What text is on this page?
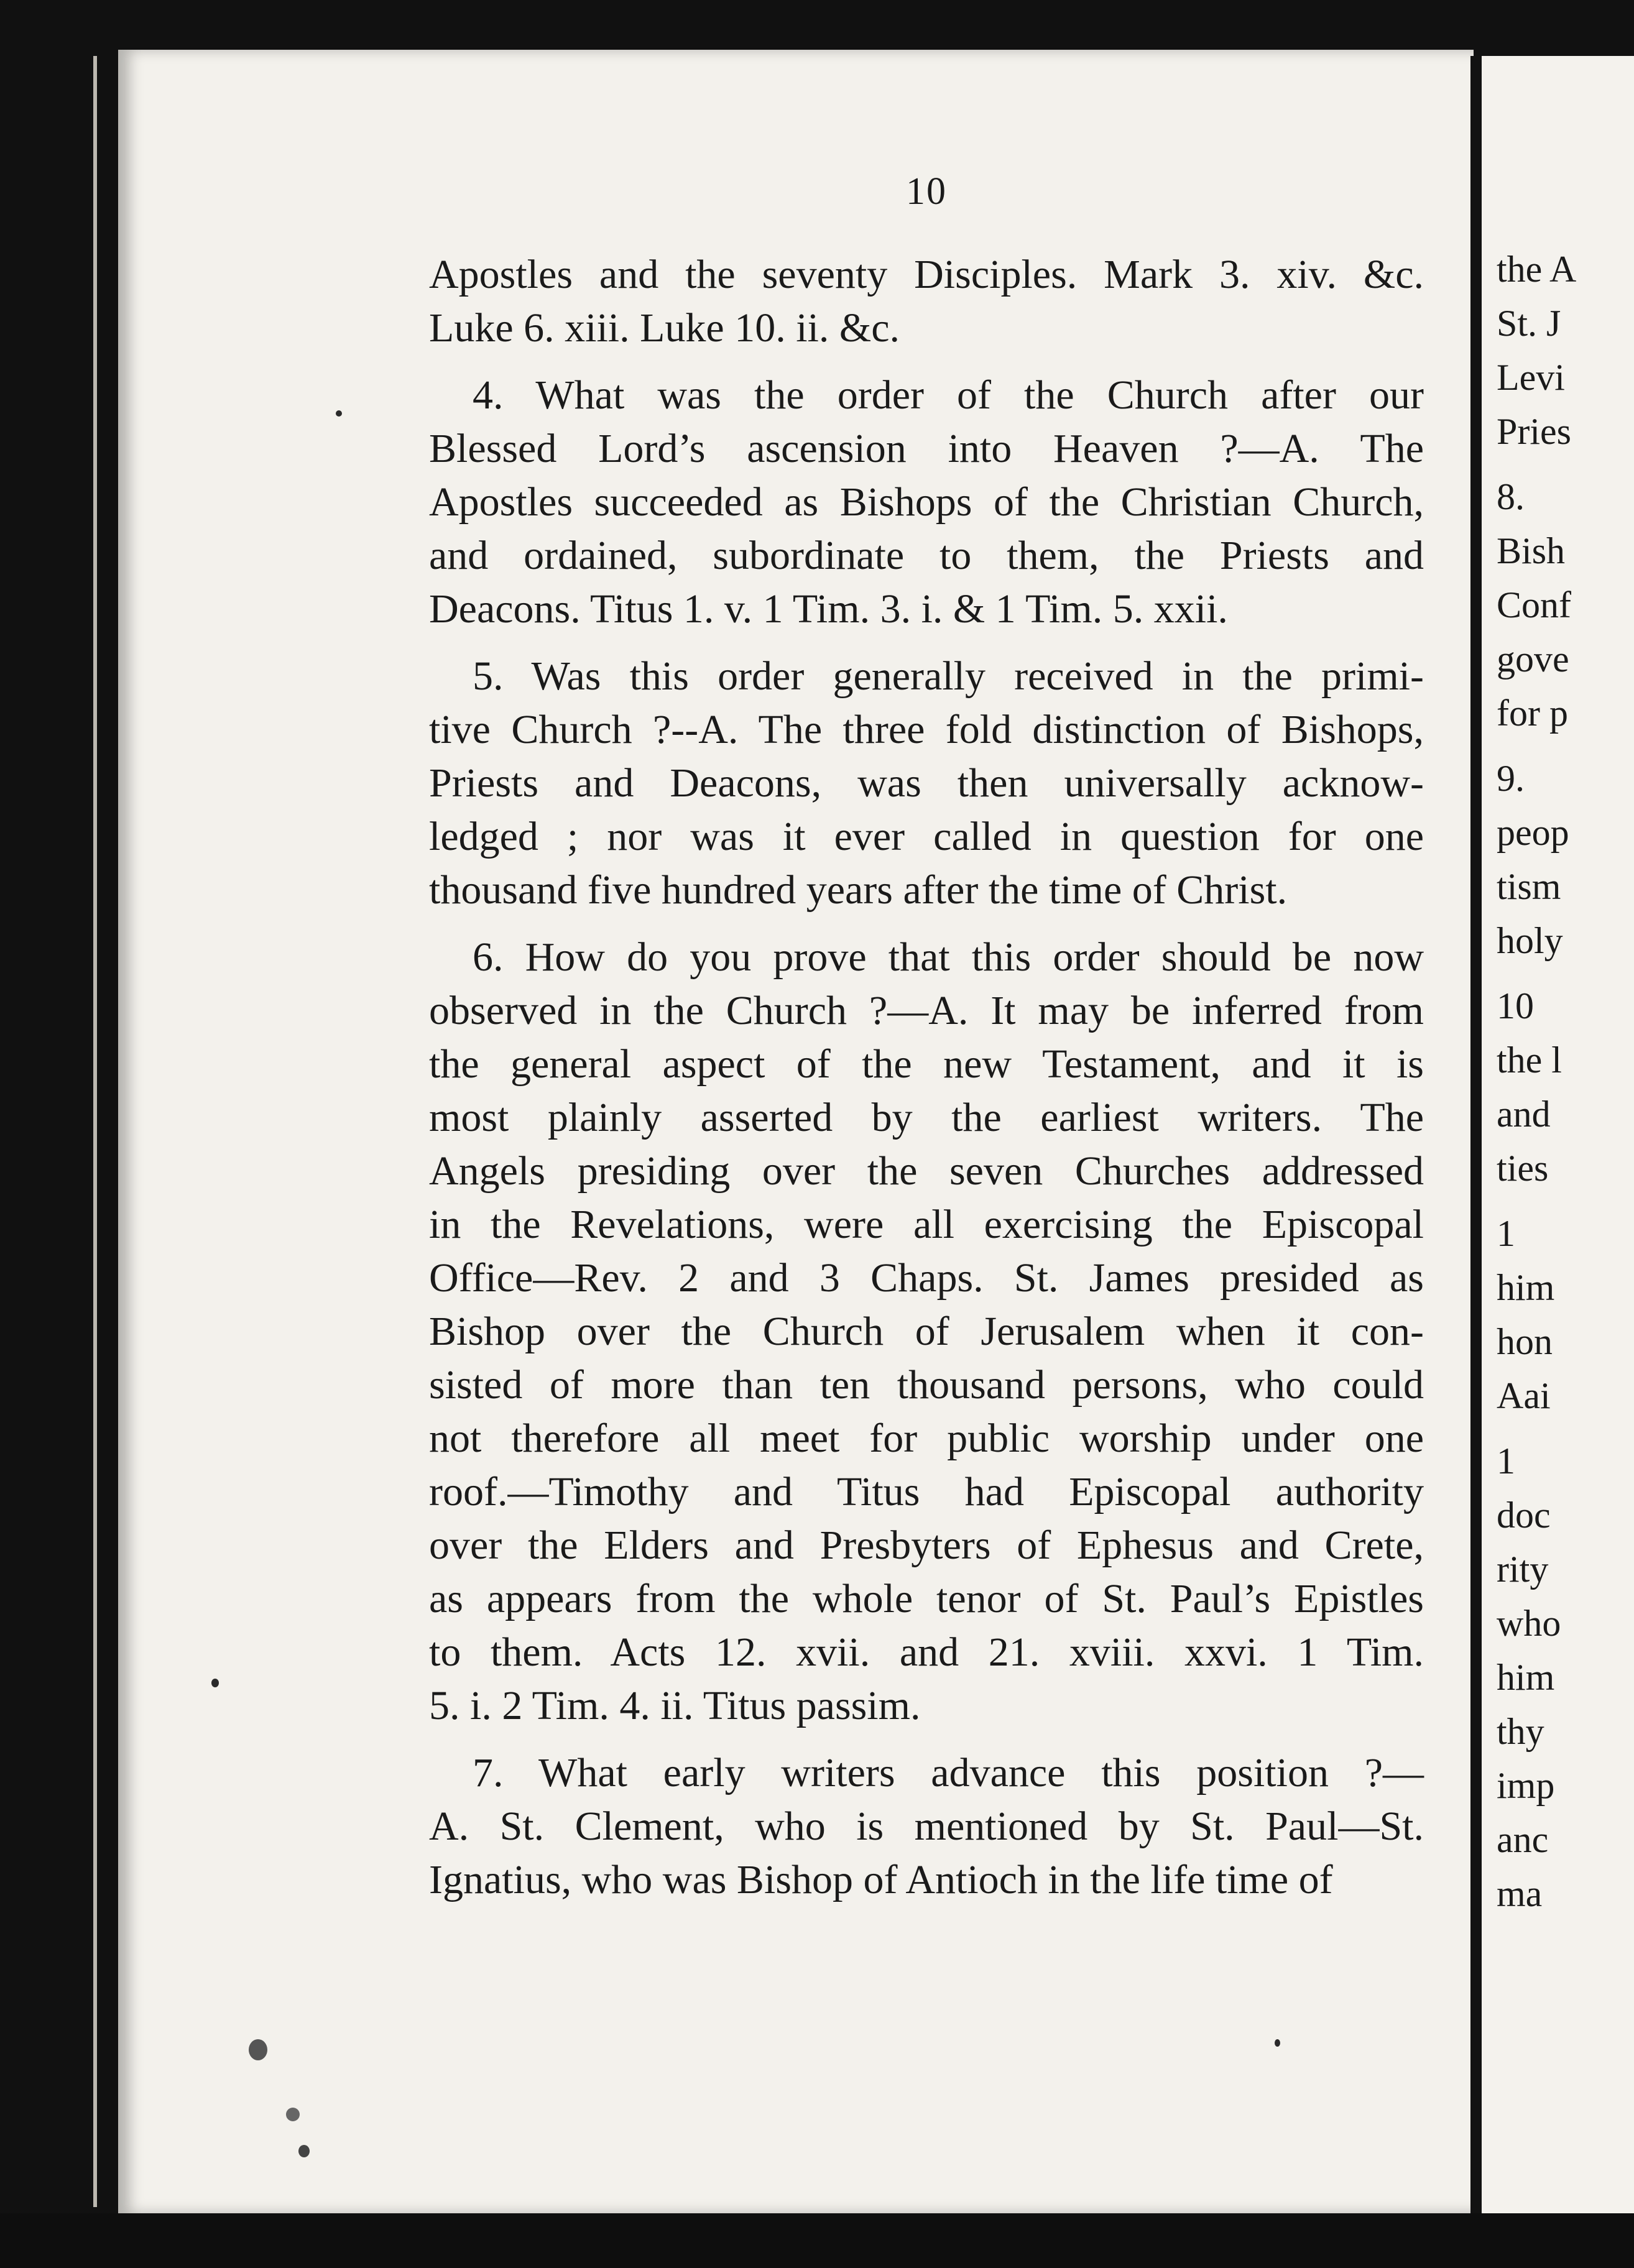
10
Apostles and the seventy Disciples. Mark 3. xiv. &c.
Luke 6. xiii. Luke 10. ii. &c.
4. What was the order of the Church after our
Blessed Lord’s ascension into Heaven ?—A. The
Apostles succeeded as Bishops of the Christian Church,
and ordained, subordinate to them, the Priests and
Deacons. Titus 1. v. 1 Tim. 3. i. & 1 Tim. 5. xxii.
5. Was this order generally received in the primi-
tive Church ?--A. The three fold distinction of Bishops,
Priests and Deacons, was then universally acknow-
ledged ; nor was it ever called in question for one
thousand five hundred years after the time of Christ.
6. How do you prove that this order should be now
observed in the Church ?—A. It may be inferred from
the general aspect of the new Testament, and it is
most plainly asserted by the earliest writers. The
Angels presiding over the seven Churches addressed
in the Revelations, were all exercising the Episcopal
Office—Rev. 2 and 3 Chaps. St. James presided as
Bishop over the Church of Jerusalem when it con-
sisted of more than ten thousand persons, who could
not therefore all meet for public worship under one
roof.—Timothy and Titus had Episcopal authority
over the Elders and Presbyters of Ephesus and Crete,
as appears from the whole tenor of St. Paul’s Epistles
to them. Acts 12. xvii. and 21. xviii. xxvi. 1 Tim.
5. i. 2 Tim. 4. ii. Titus passim.
7. What early writers advance this position ?—
A. St. Clement, who is mentioned by St. Paul—St.
Ignatius, who was Bishop of Antioch in the life time of
the A
St. J
Levi
Pries
8.
Bish
Conf
gove
for p
9.
peop
tism
holy
10
the l
and
ties
1
him
hon
Aai
1
doc
rity
who
him
thy
imp
anc
ma
